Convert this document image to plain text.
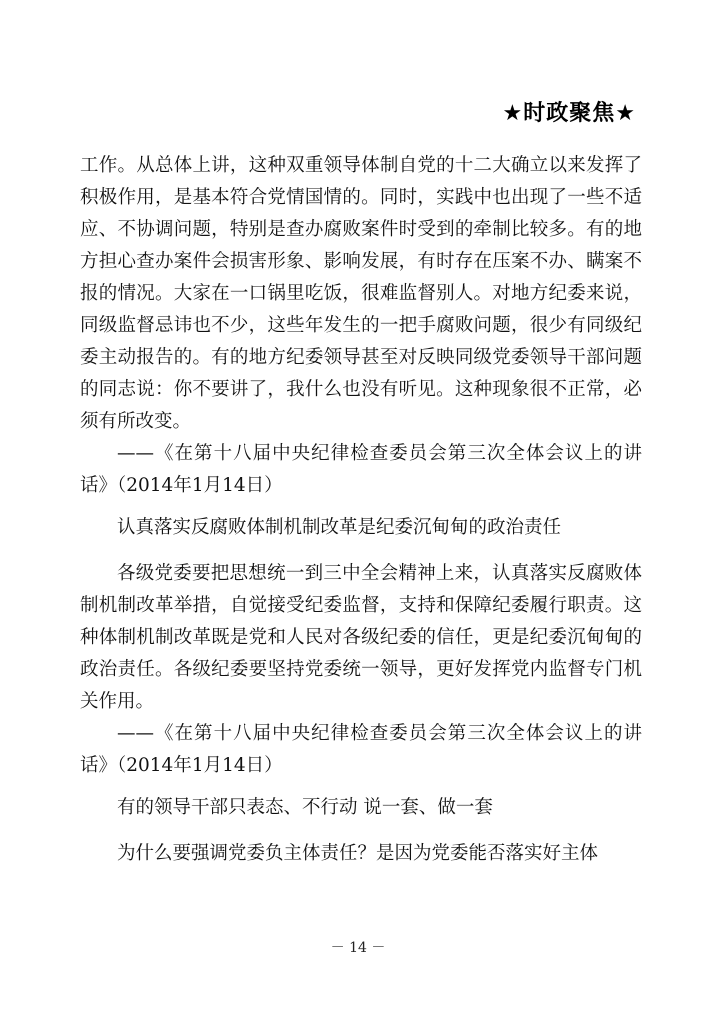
★时政聚焦★

工作。从总体上讲，这种双重领导体制自党的十二大确立以来发挥了积极作用，是基本符合党情国情的。同时，实践中也出现了一些不适应、不协调问题，特别是查办腐败案件时受到的牵制比较多。有的地方担心查办案件会损害形象、影响发展，有时存在压案不办、瞒案不报的情况。大家在一口锅里吃饭，很难监督别人。对地方纪委来说，同级监督忌讳也不少，这些年发生的一把手腐败问题，很少有同级纪委主动报告的。有的地方纪委领导甚至对反映同级党委领导干部问题的同志说：你不要讲了，我什么也没有听见。这种现象很不正常，必须有所改变。

——《在第十八届中央纪律检查委员会第三次全体会议上的讲话》（2014年1月14日）

认真落实反腐败体制机制改革是纪委沉甸甸的政治责任

各级党委要把思想统一到三中全会精神上来，认真落实反腐败体制机制改革举措，自觉接受纪委监督，支持和保障纪委履行职责。这种体制机制改革既是党和人民对各级纪委的信任，更是纪委沉甸甸的政治责任。各级纪委要坚持党委统一领导，更好发挥党内监督专门机关作用。

——《在第十八届中央纪律检查委员会第三次全体会议上的讲话》（2014年1月14日）

有的领导干部只表态、不行动 说一套、做一套

为什么要强调党委负主体责任？是因为党委能否落实好主体

－ 14 －
